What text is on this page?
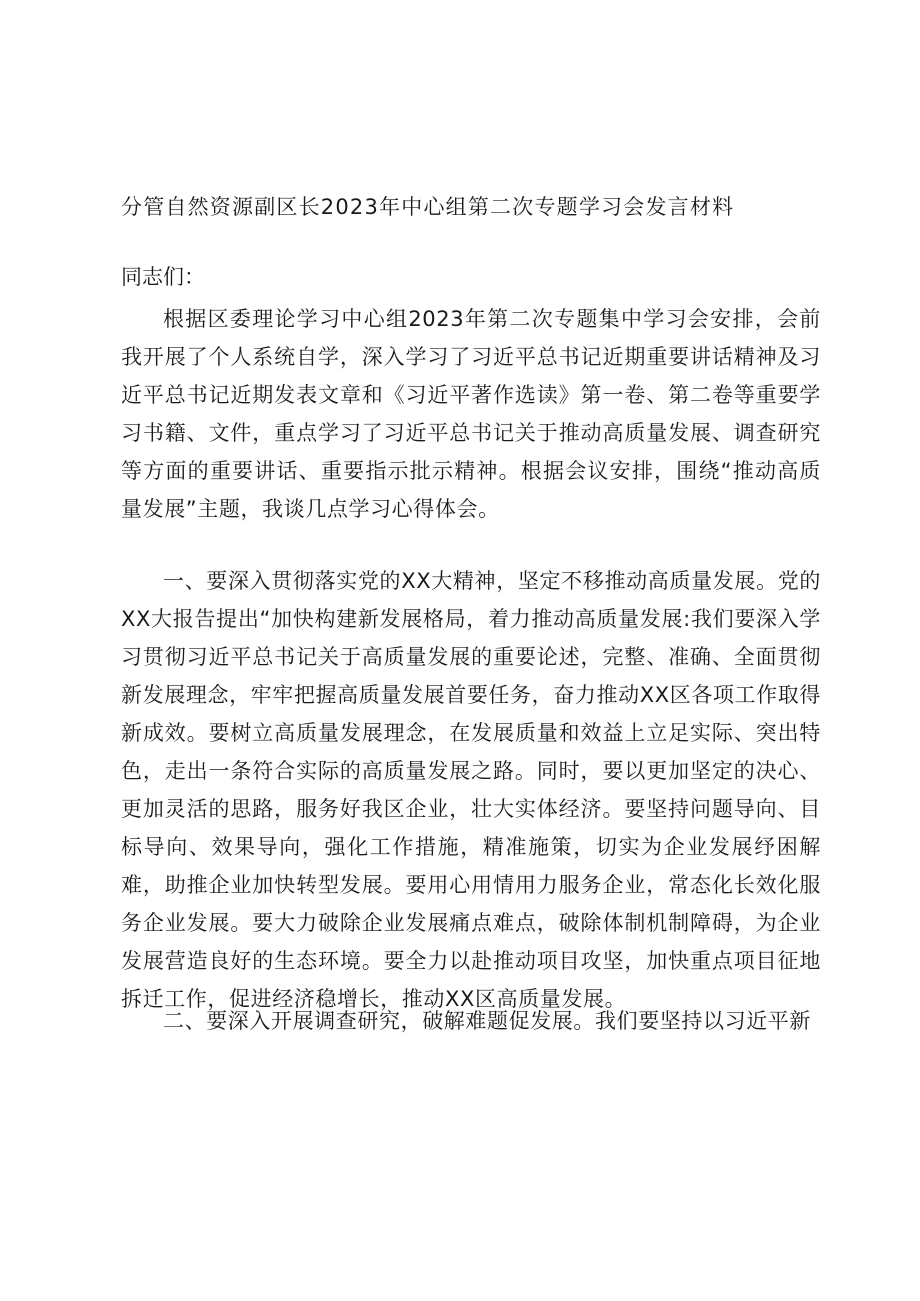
分管自然资源副区长2023年中心组第二次专题学习会发言材料
同志们：

根据区委理论学习中心组2023年第二次专题集中学习会安排，会前我开展了个人系统自学，深入学习了习近平总书记近期重要讲话精神及习近平总书记近期发表文章和《习近平著作选读》第一卷、第二卷等重要学习书籍、文件，重点学习了习近平总书记关于推动高质量发展、调查研究等方面的重要讲话、重要指示批示精神。根据会议安排，围绕“推动高质量发展”主题，我谈几点学习心得体会。

一、要深入贯彻落实党的XX大精神，坚定不移推动高质量发展。党的XX大报告提出“加快构建新发展格局，着力推动高质量发展:我们要深入学习贯彻习近平总书记关于高质量发展的重要论述，完整、准确、全面贯彻新发展理念，牢牢把握高质量发展首要任务，奋力推动XX区各项工作取得新成效。要树立高质量发展理念，在发展质量和效益上立足实际、突出特色，走出一条符合实际的高质量发展之路。同时，要以更加坚定的决心、更加灵活的思路，服务好我区企业，壮大实体经济。要坚持问题导向、目标导向、效果导向，强化工作措施，精准施策，切实为企业发展纾困解难，助推企业加快转型发展。要用心用情用力服务企业，常态化长效化服务企业发展。要大力破除企业发展痛点难点，破除体制机制障碍，为企业发展营造良好的生态环境。要全力以赴推动项目攻坚，加快重点项目征地拆迁工作，促进经济稳增长，推动XX区高质量发展。

二、要深入开展调查研究，破解难题促发展。我们要坚持以习近平新
